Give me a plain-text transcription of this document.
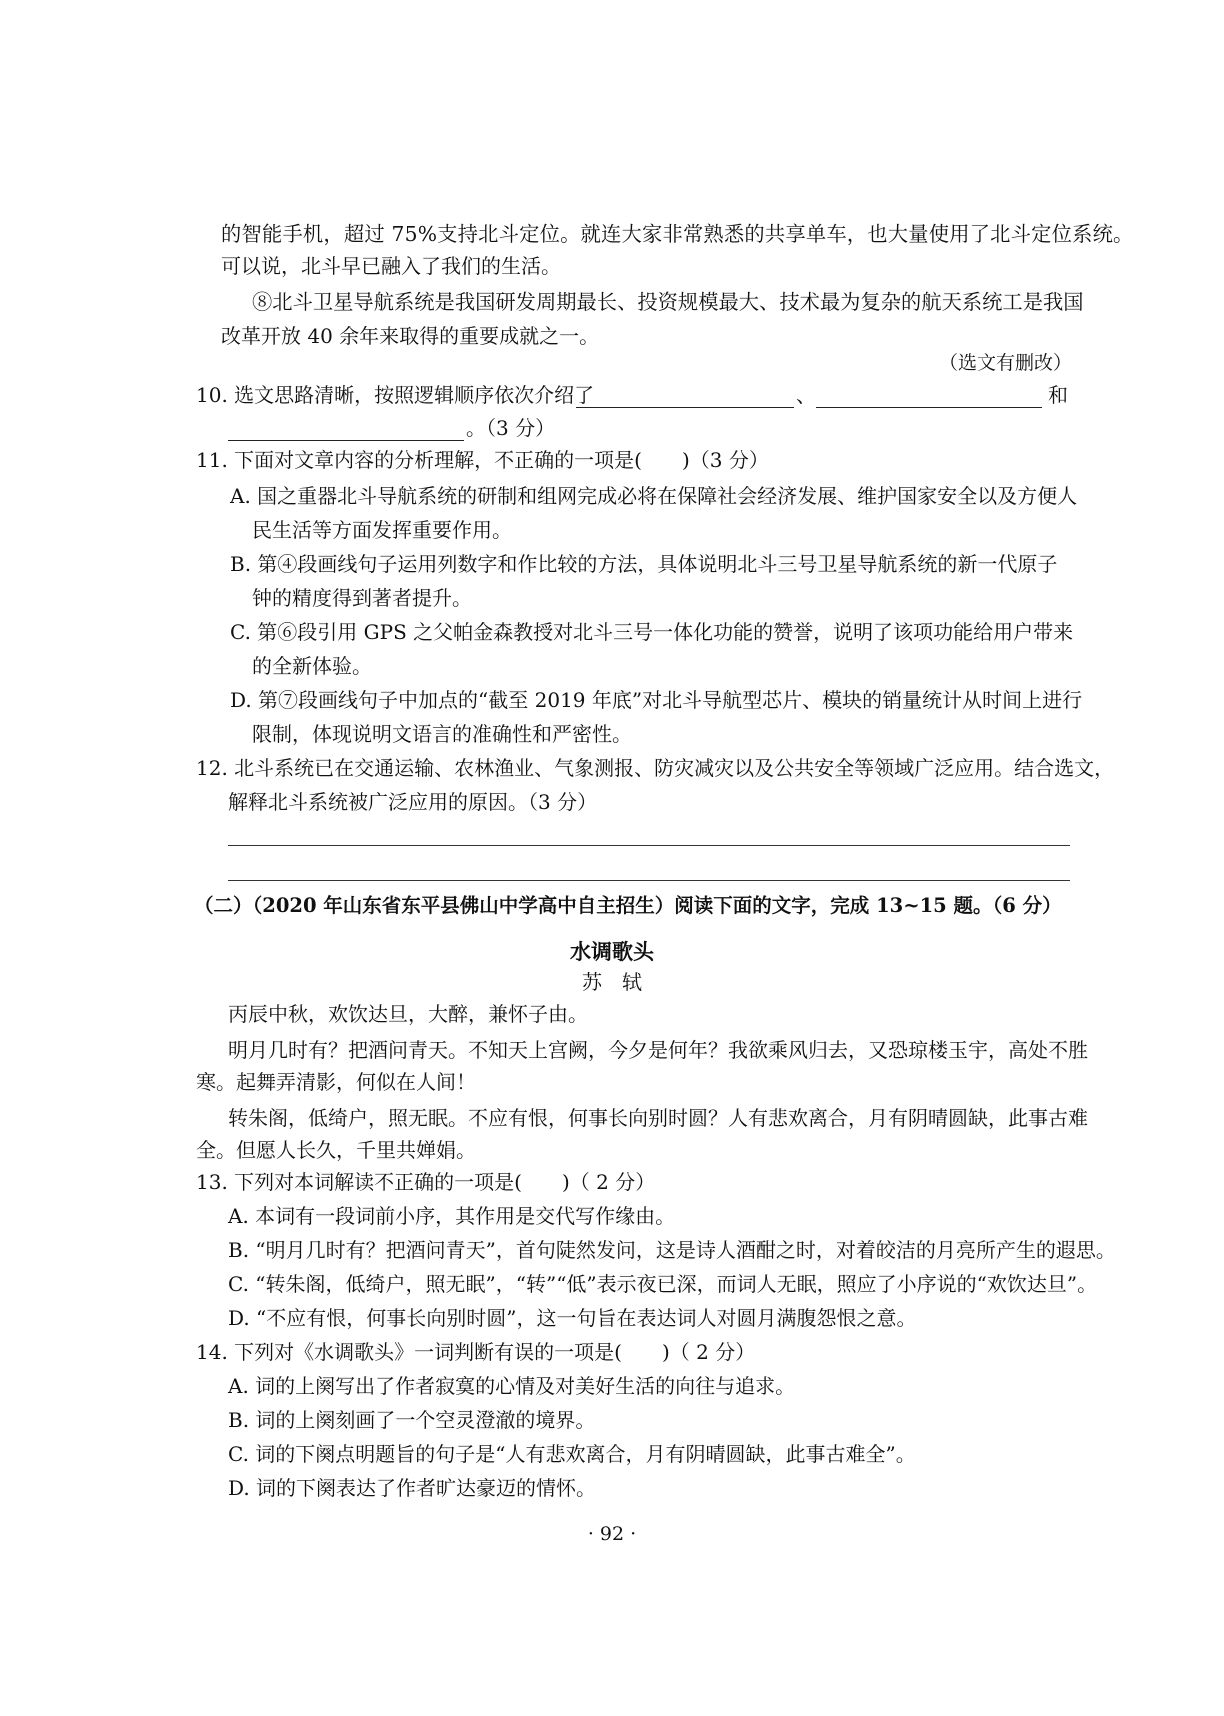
的智能手机，超过 75%支持北斗定位。就连大家非常熟悉的共享单车，也大量使用了北斗定位系统。
可以说，北斗早已融入了我们的生活。
⑧北斗卫星导航系统是我国研发周期最长、投资规模最大、技术最为复杂的航天系统工是我国
改革开放 40 余年来取得的重要成就之一。
（选文有删改）
10. 选文思路清晰，按照逻辑顺序依次介绍了	、	和
。（3 分）
11. 下面对文章内容的分析理解，不正确的一项是(　　)（3 分）
A. 国之重器北斗导航系统的研制和组网完成必将在保障社会经济发展、维护国家安全以及方便人
民生活等方面发挥重要作用。
B. 第④段画线句子运用列数字和作比较的方法，具体说明北斗三号卫星导航系统的新一代原子
钟的精度得到著者提升。
C. 第⑥段引用 GPS 之父帕金森教授对北斗三号一体化功能的赞誉，说明了该项功能给用户带来
的全新体验。
D. 第⑦段画线句子中加点的“截至 2019 年底”对北斗导航型芯片、模块的销量统计从时间上进行
限制，体现说明文语言的准确性和严密性。
12. 北斗系统已在交通运输、农林渔业、气象测报、防灾减灾以及公共安全等领域广泛应用。结合选文，
解释北斗系统被广泛应用的原因。（3 分）
（二）（2020 年山东省东平县佛山中学高中自主招生）阅读下面的文字，完成 13~15 题。（6 分）
水调歌头
苏　轼
丙辰中秋，欢饮达旦，大醉，兼怀子由。
明月几时有？把酒问青天。不知天上宫阙，今夕是何年？我欲乘风归去，又恐琼楼玉宇，高处不胜
寒。起舞弄清影，何似在人间！
转朱阁，低绮户，照无眠。不应有恨，何事长向别时圆？人有悲欢离合，月有阴晴圆缺，此事古难
全。但愿人长久，千里共婵娟。
13. 下列对本词解读不正确的一项是(　　)（ 2 分）
A. 本词有一段词前小序，其作用是交代写作缘由。
B. “明月几时有？把酒问青天”，首句陡然发问，这是诗人酒酣之时，对着皎洁的月亮所产生的遐思。
C. “转朱阁，低绮户，照无眠”，“转”“低”表示夜已深，而词人无眠，照应了小序说的“欢饮达旦”。
D. “不应有恨，何事长向别时圆”，这一句旨在表达词人对圆月满腹怨恨之意。
14. 下列对《水调歌头》一词判断有误的一项是(　　)（ 2 分）
A. 词的上阕写出了作者寂寞的心情及对美好生活的向往与追求。
B. 词的上阕刻画了一个空灵澄澈的境界。
C. 词的下阕点明题旨的句子是“人有悲欢离合，月有阴晴圆缺，此事古难全”。
D. 词的下阕表达了作者旷达豪迈的情怀。
· 92 ·
